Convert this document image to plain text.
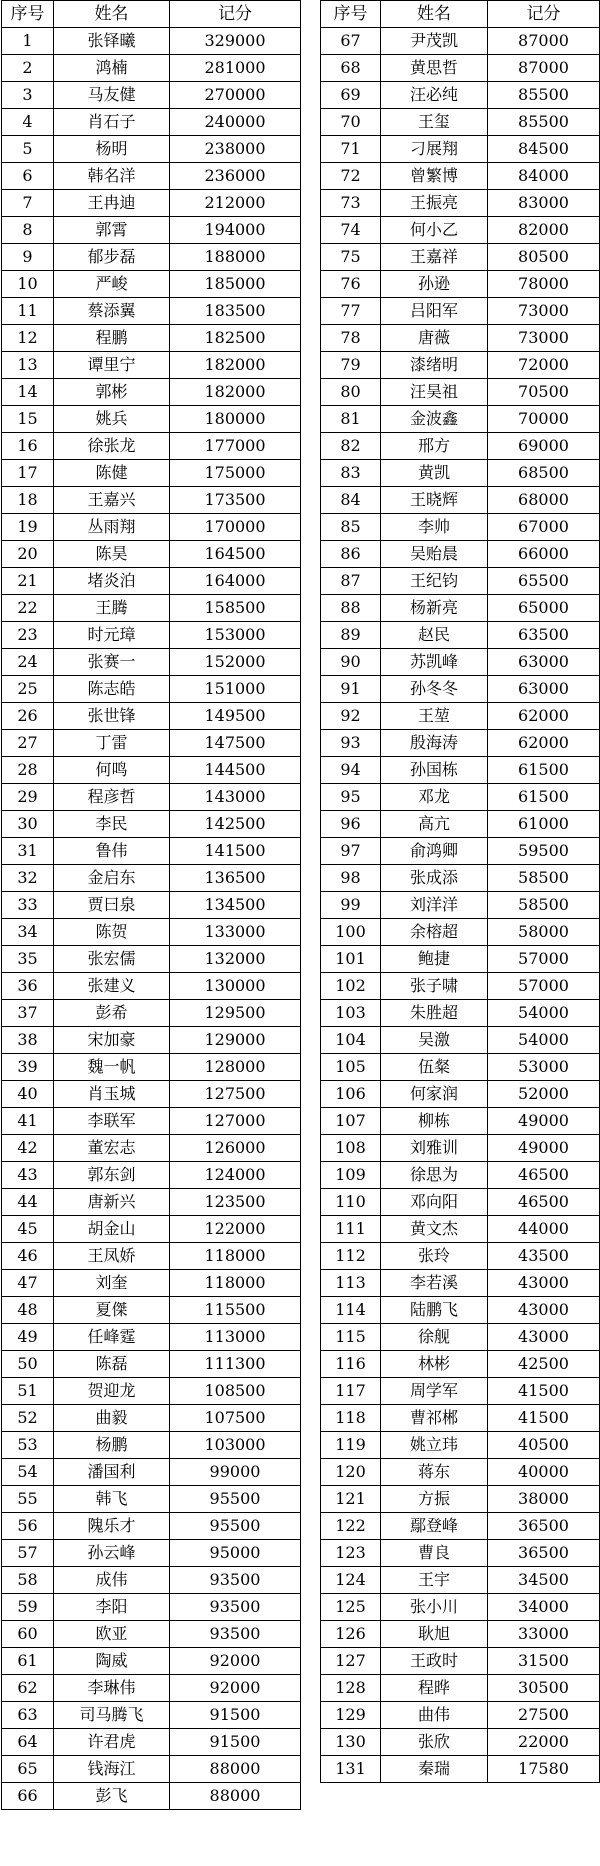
序号	姓名	记分
1	张铎曦	329000
2	鸿楠	281000
3	马友健	270000
4	肖石子	240000
5	杨明	238000
6	韩名洋	236000
7	王冉迪	212000
8	郭霄	194000
9	郁步磊	188000
10	严峻	185000
11	蔡添翼	183500
12	程鹏	182500
13	谭里宁	182000
14	郭彬	182000
15	姚兵	180000
16	徐张龙	177000
17	陈健	175000
18	王嘉兴	173500
19	丛雨翔	170000
20	陈昊	164500
21	堵炎泊	164000
22	王腾	158500
23	时元璋	153000
24	张赛一	152000
25	陈志皓	151000
26	张世锋	149500
27	丁雷	147500
28	何鸣	144500
29	程彦哲	143000
30	李民	142500
31	鲁伟	141500
32	金启东	136500
33	贾曰泉	134500
34	陈贺	133000
35	张宏儒	132000
36	张建义	130000
37	彭希	129500
38	宋加豪	129000
39	魏一帆	128000
40	肖玉城	127500
41	李联军	127000
42	董宏志	126000
43	郭东剑	124000
44	唐新兴	123500
45	胡金山	122000
46	王凤娇	118000
47	刘奎	118000
48	夏傑	115500
49	任峰霆	113000
50	陈磊	111300
51	贺迎龙	108500
52	曲毅	107500
53	杨鹏	103000
54	潘国利	99000
55	韩飞	95500
56	隗乐才	95500
57	孙云峰	95000
58	成伟	93500
59	李阳	93500
60	欧亚	93500
61	陶威	92000
62	李琳伟	92000
63	司马腾飞	91500
64	许君虎	91500
65	钱海江	88000
66	彭飞	88000
序号	姓名	记分
67	尹茂凯	87000
68	黄思哲	87000
69	汪必纯	85500
70	王玺	85500
71	刁展翔	84500
72	曾繁博	84000
73	王振亮	83000
74	何小乙	82000
75	王嘉祥	80500
76	孙逊	78000
77	吕阳军	73000
78	唐薇	73000
79	漆绪明	72000
80	汪昊祖	70500
81	金波鑫	70000
82	邢方	69000
83	黄凯	68500
84	王晓辉	68000
85	李帅	67000
86	吴贻晨	66000
87	王纪钧	65500
88	杨新亮	65000
89	赵民	63500
90	苏凯峰	63000
91	孙冬冬	63000
92	王堃	62000
93	殷海涛	62000
94	孙国栋	61500
95	邓龙	61500
96	高亢	61000
97	俞鸿卿	59500
98	张成添	58500
99	刘洋洋	58500
100	余榕超	58000
101	鲍捷	57000
102	张子啸	57000
103	朱胜超	54000
104	吴激	54000
105	伍粲	53000
106	何家润	52000
107	柳栋	49000
108	刘雅训	49000
109	徐思为	46500
110	邓向阳	46500
111	黄文杰	44000
112	张玲	43500
113	李若溪	43000
114	陆鹏飞	43000
115	徐舰	43000
116	林彬	42500
117	周学军	41500
118	曹祁郴	41500
119	姚立玮	40500
120	蒋东	40000
121	方振	38000
122	鄢登峰	36500
123	曹良	36500
124	王宇	34500
125	张小川	34000
126	耿旭	33000
127	王政时	31500
128	程晔	30500
129	曲伟	27500
130	张欣	22000
131	秦瑞	17580
